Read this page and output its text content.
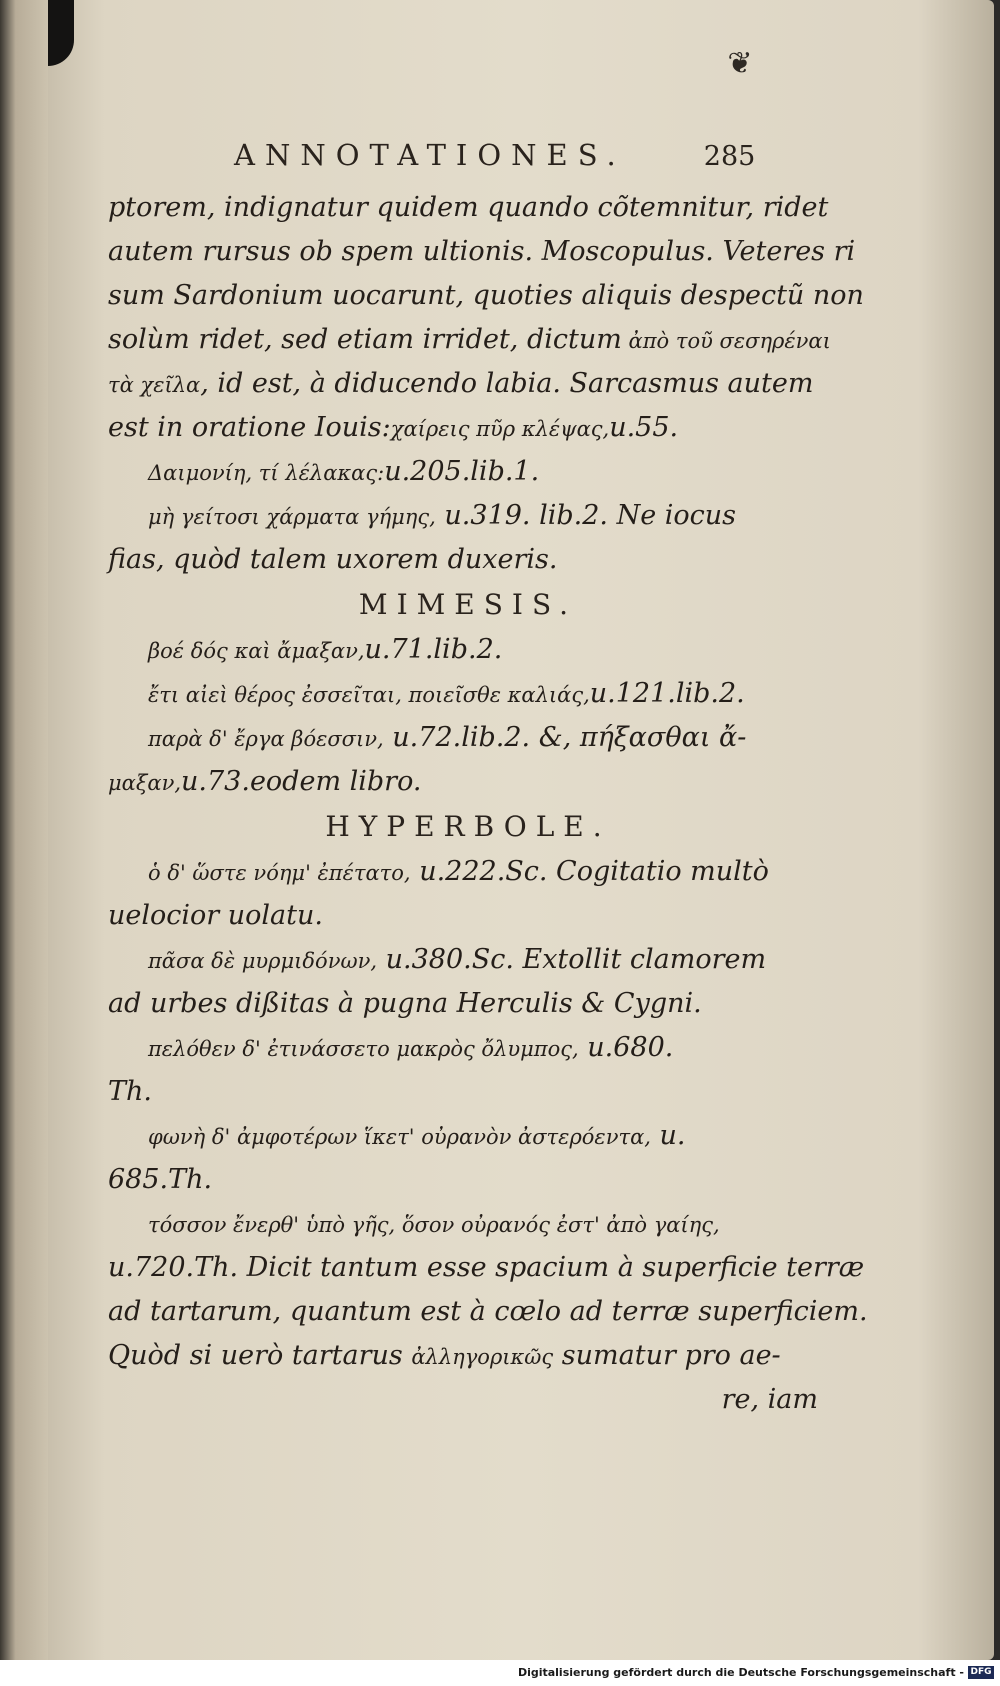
❦
ANNOTATIONES.	285
ptorem, indignatur quidem quando cõtemnitur, ridet
autem rursus ob spem ultionis. Moscopulus. Veteres ri
sum Sardonium uocarunt, quoties aliquis despectũ non
solùm ridet, sed etiam irridet, dictum ἀπὸ τοῦ σεσηρέναι
τὰ χεῖλα, id est, à diducendo labia. Sarcasmus autem
est in oratione Iouis:χαίρεις πῦρ κλέψας,u.55.
Δαιμονίη, τί λέλακας:u.205.lib.1.
μὴ γείτοσι χάρματα γήμης, u.319. lib.2. Ne iocus
fias, quòd talem uxorem duxeris.
MIMESIS.
βοέ δός καὶ ἄμαξαν,u.71.lib.2.
ἔτι αἰεὶ θέρος ἐσσεῖται, ποιεῖσθε καλιάς,u.121.lib.2.
παρὰ δ' ἔργα βόεσσιν, u.72.lib.2. &, πήξασθαι ἄ-
μαξαν,u.73.eodem libro.
HYPERBOLE.
ὁ δ' ὥστε νόημ' ἐπέτατο, u.222.Sc. Cogitatio multò
uelocior uolatu.
πᾶσα δὲ μυρμιδόνων, u.380.Sc. Extollit clamorem
ad urbes dißitas à pugna Herculis & Cygni.
πελόθεν δ' ἐτινάσσετο μακρὸς ὄλυμπος, u.680.
Th.
φωνὴ δ' ἀμφοτέρων ἵκετ' οὐρανὸν ἀστερόεντα, u.
685.Th.
τόσσον ἔνερθ' ὑπὸ γῆς, ὅσον οὐρανός ἐστ' ἀπὸ γαίης,
u.720.Th. Dicit tantum esse spacium à superficie terræ
ad tartarum, quantum est à cœlo ad terræ superficiem.
Quòd si uerò tartarus ἀλληγορικῶς sumatur pro ae-
re, iam
Digitalisierung gefördert durch die Deutsche Forschungsgemeinschaft - DFG
